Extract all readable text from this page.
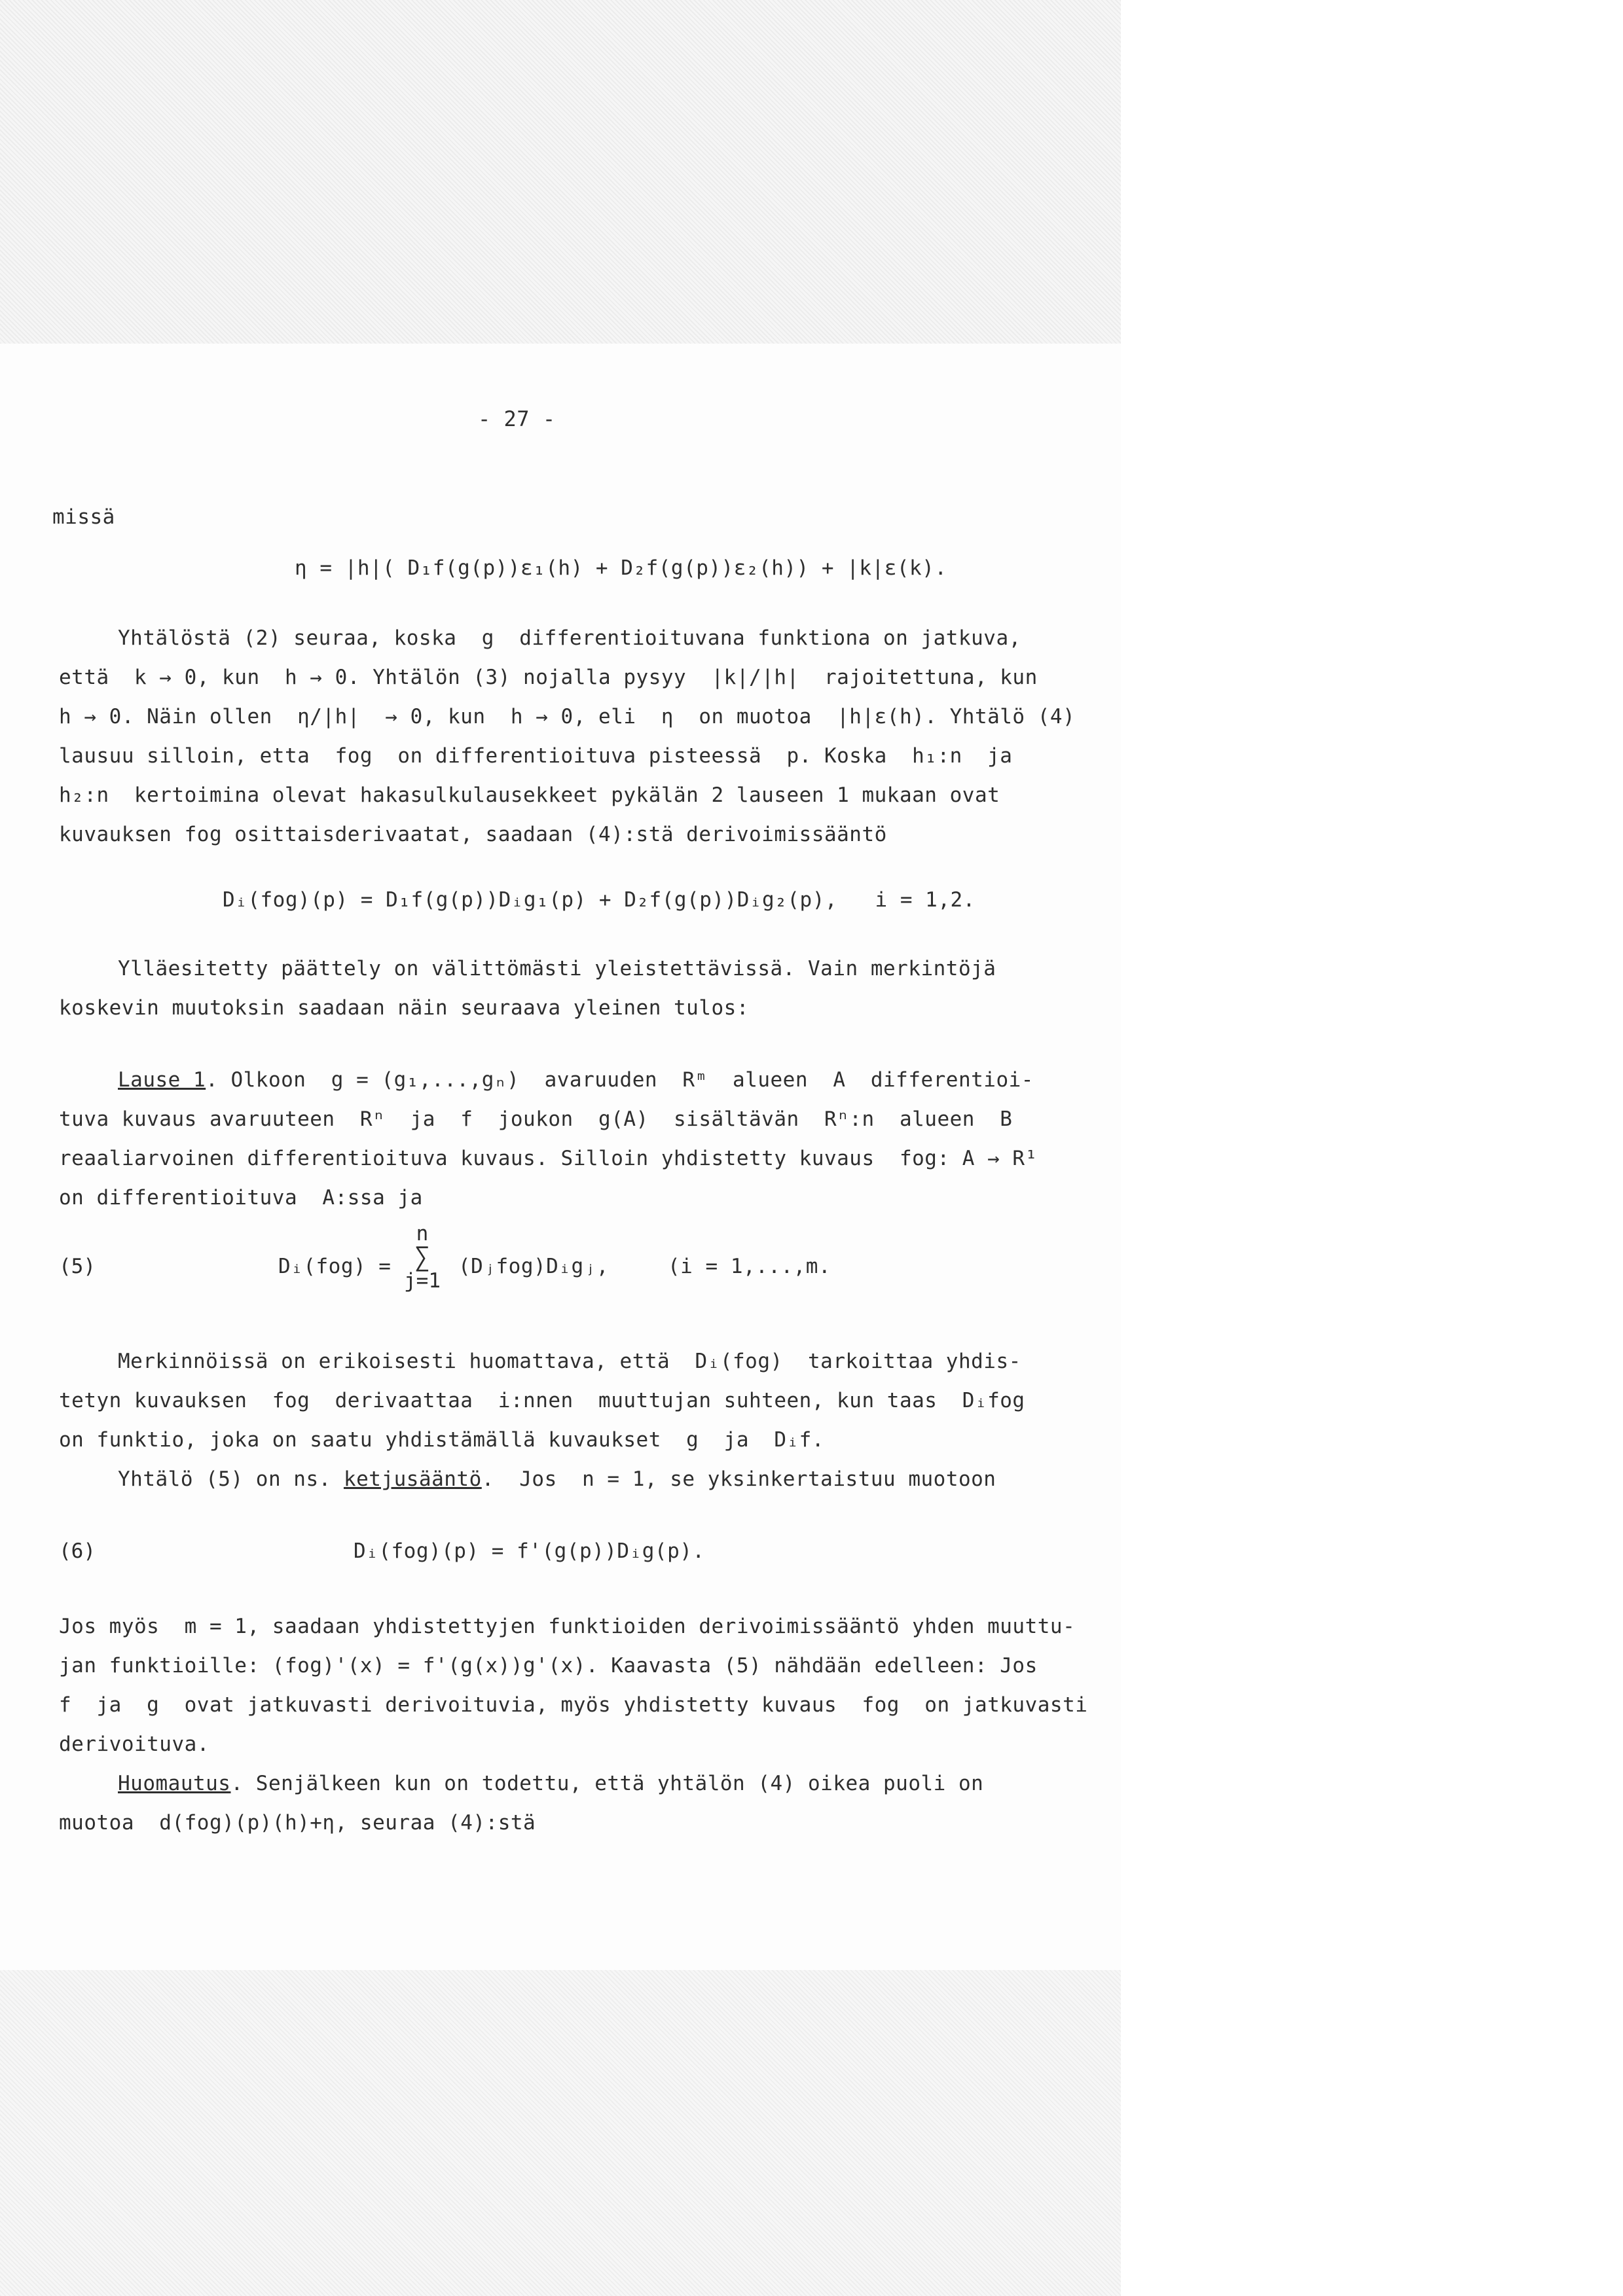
- 27 -
missä
η = |h|( D₁f(g(p))ε₁(h) + D₂f(g(p))ε₂(h)) + |k|ε(k).
Yhtälöstä (2) seuraa, koska  g  differentioituvana funktiona on jatkuva,
että  k → 0, kun  h → 0. Yhtälön (3) nojalla pysyy  |k|/|h|  rajoitettuna, kun
h → 0. Näin ollen  η/|h|  → 0, kun  h → 0, eli  η  on muotoa  |h|ε(h). Yhtälö (4)
lausuu silloin, etta  fog  on differentioituva pisteessä  p. Koska  h₁:n  ja
h₂:n  kertoimina olevat hakasulkulausekkeet pykälän 2 lauseen 1 mukaan ovat
kuvauksen fog osittaisderivaatat, saadaan (4):stä derivoimissääntö
Dᵢ(fog)(p) = D₁f(g(p))Dᵢg₁(p) + D₂f(g(p))Dᵢg₂(p),   i = 1,2.
Ylläesitetty päättely on välittömästi yleistettävissä. Vain merkintöjä
koskevin muutoksin saadaan näin seuraava yleinen tulos:
Lause 1. Olkoon  g = (g₁,...,gₙ)  avaruuden  Rᵐ  alueen  A  differentioi-
tuva kuvaus avaruuteen  Rⁿ  ja  f  joukon  g(A)  sisältävän  Rⁿ:n  alueen  B
reaaliarvoinen differentioituva kuvaus. Silloin yhdistetty kuvaus  fog: A → R¹
on differentioituva  A:ssa ja
(5)	Dᵢ(fog) =
n
∑
j=1
(Dⱼfog)Dᵢgⱼ,	(i = 1,...,m.
Merkinnöissä on erikoisesti huomattava, että  Dᵢ(fog)  tarkoittaa yhdis-
tetyn kuvauksen  fog  derivaattaa  i:nnen  muuttujan suhteen, kun taas  Dᵢfog
on funktio, joka on saatu yhdistämällä kuvaukset  g  ja  Dᵢf.
Yhtälö (5) on ns. ketjusääntö.  Jos  n = 1, se yksinkertaistuu muotoon
(6)	Dᵢ(fog)(p) = f'(g(p))Dᵢg(p).
Jos myös  m = 1, saadaan yhdistettyjen funktioiden derivoimissääntö yhden muuttu-
jan funktioille: (fog)'(x) = f'(g(x))g'(x). Kaavasta (5) nähdään edelleen: Jos
f  ja  g  ovat jatkuvasti derivoituvia, myös yhdistetty kuvaus  fog  on jatkuvasti
derivoituva.
Huomautus. Senjälkeen kun on todettu, että yhtälön (4) oikea puoli on
muotoa  d(fog)(p)(h)+η, seuraa (4):stä
